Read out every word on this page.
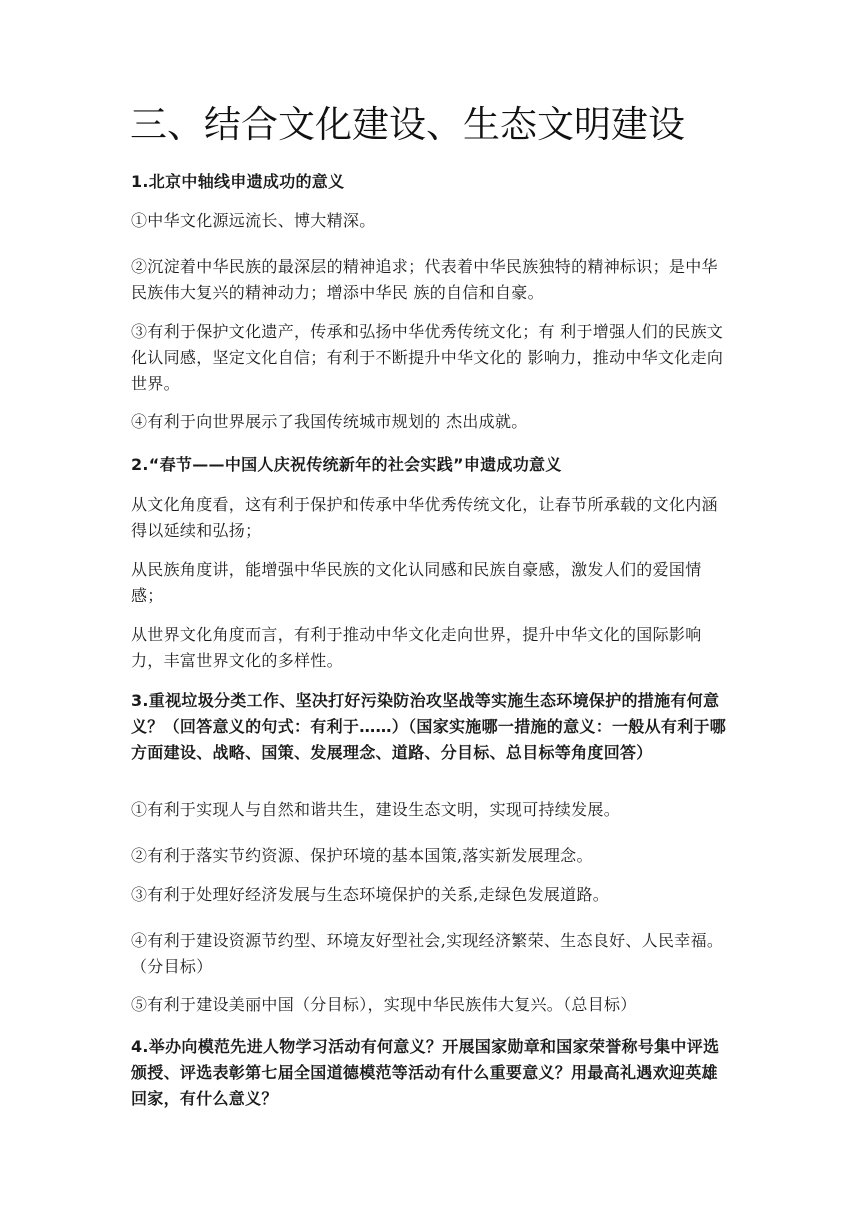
三、结合文化建设、生态文明建设

1.北京中轴线申遗成功的意义

①中华文化源远流长、博大精深。

②沉淀着中华民族的最深层的精神追求；代表着中华民族独特的精神标识；是中华民族伟大复兴的精神动力；增添中华民 族的自信和自豪。

③有利于保护文化遗产，传承和弘扬中华优秀传统文化；有 利于增强人们的民族文化认同感，坚定文化自信；有利于不断提升中华文化的 影响力，推动中华文化走向世界。

④有利于向世界展示了我国传统城市规划的 杰出成就。

2.“春节——中国人庆祝传统新年的社会实践”申遗成功意义

从文化角度看，这有利于保护和传承中华优秀传统文化，让春节所承载的文化内涵得以延续和弘扬；

从民族角度讲，能增强中华民族的文化认同感和民族自豪感，激发人们的爱国情感；

从世界文化角度而言，有利于推动中华文化走向世界，提升中华文化的国际影响力，丰富世界文化的多样性。

3.重视垃圾分类工作、坚决打好污染防治攻坚战等实施生态环境保护的措施有何意义？（回答意义的句式：有利于……）（国家实施哪一措施的意义：一般从有利于哪方面建设、战略、国策、发展理念、道路、分目标、总目标等角度回答）

①有利于实现人与自然和谐共生，建设生态文明，实现可持续发展。

②有利于落实节约资源、保护环境的基本国策,落实新发展理念。

③有利于处理好经济发展与生态环境保护的关系,走绿色发展道路。

④有利于建设资源节约型、环境友好型社会,实现经济繁荣、生态良好、人民幸福。（分目标）

⑤有利于建设美丽中国（分目标），实现中华民族伟大复兴。（总目标）

4.举办向模范先进人物学习活动有何意义？开展国家勋章和国家荣誉称号集中评选颁授、评选表彰第七届全国道德模范等活动有什么重要意义？用最高礼遇欢迎英雄回家，有什么意义？
